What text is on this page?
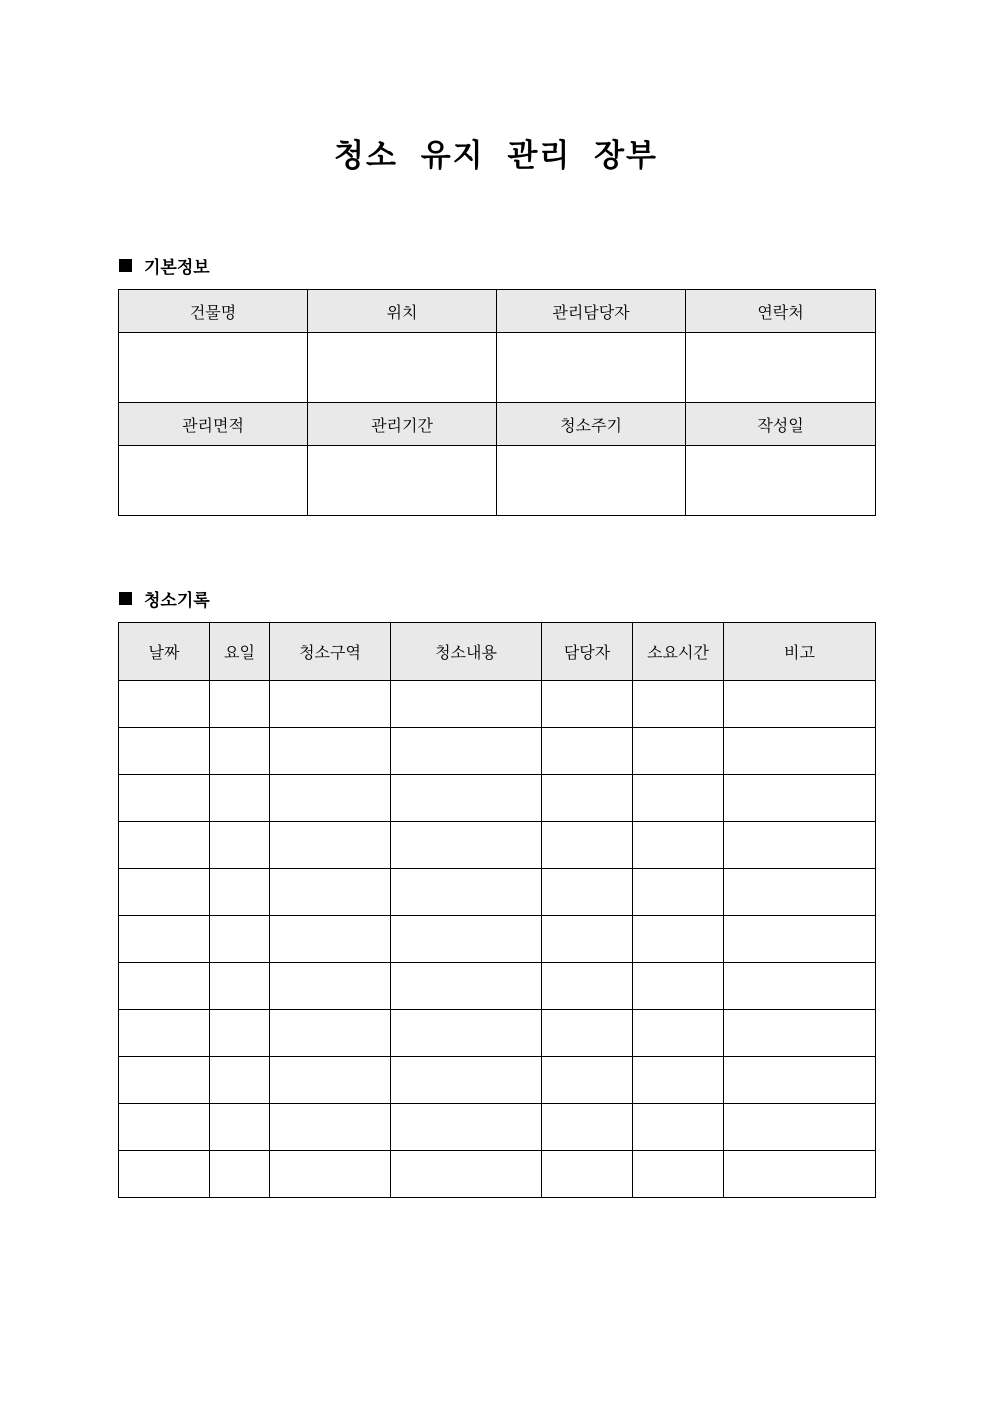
청소 유지 관리 장부
기본정보
건물명	위치	관리담당자	연락처

관리면적	관리기간	청소주기	작성일

청소기록
날짜	요일	청소구역	청소내용	담당자	소요시간	비고
